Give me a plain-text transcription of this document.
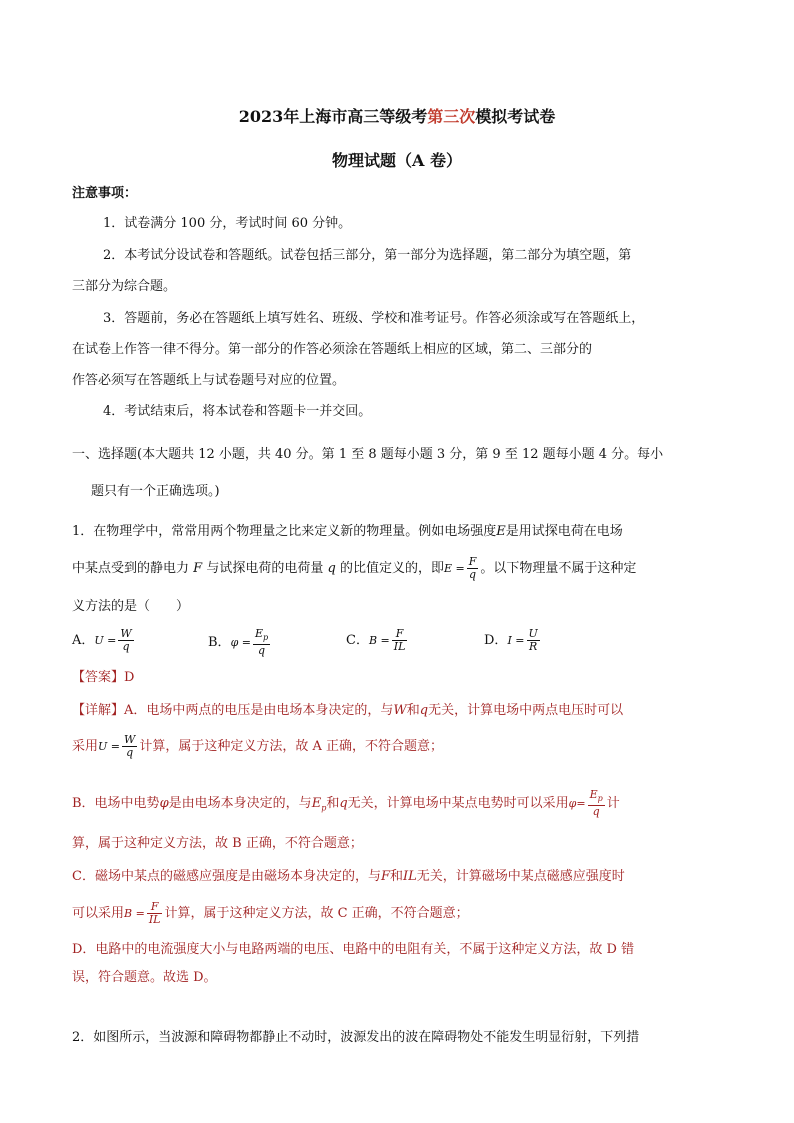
2023年上海市高三等级考第三次模拟考试卷
物理试题（A 卷）
注意事项：
1．试卷满分 100 分，考试时间 60 分钟。
2．本考试分设试卷和答题纸。试卷包括三部分，第一部分为选择题，第二部分为填空题，第
三部分为综合题。
3．答题前，务必在答题纸上填写姓名、班级、学校和准考证号。作答必须涂或写在答题纸上，
在试卷上作答一律不得分。第一部分的作答必须涂在答题纸上相应的区域，第二、三部分的
作答必须写在答题纸上与试卷题号对应的位置。
4．考试结束后，将本试卷和答题卡一并交回。
一、选择题(本大题共 12 小题，共 40 分。第 1 至 8 题每小题 3 分，第 9 至 12 题每小题 4 分。每小
题只有一个正确选项。)
1．在物理学中，常常用两个物理量之比来定义新的物理量。例如电场强度E是用试探电荷在电场
中某点受到的静电力 F 与试探电荷的电荷量 q 的比值定义的，即$E = \frac{F}{q}$ 。以下物理量不属于这种定
义方法的是（　　）
A．$U = \frac{W}{q}$	B．$\varphi = \frac{E_p}{q}$	C．$B = \frac{F}{IL}$	D．$I = \frac{U}{R}$
【答案】D
【详解】A．电场中两点的电压是由电场本身决定的，与W和q无关，计算电场中两点电压时可以
采用$U = \frac{W}{q}$ 计算，属于这种定义方法，故 A 正确，不符合题意；
B．电场中电势φ是由电场本身决定的，与$E_p$和q无关，计算电场中某点电势时可以采用$\varphi= \frac{E_p}{q}$ 计
算，属于这种定义方法，故 B 正确，不符合题意；
C．磁场中某点的磁感应强度是由磁场本身决定的，与F和IL无关，计算磁场中某点磁感应强度时
可以采用$B = \frac{F}{IL}$ 计算，属于这种定义方法，故 C 正确，不符合题意；
D．电路中的电流强度大小与电路两端的电压、电路中的电阻有关，不属于这种定义方法，故 D 错
误，符合题意。故选 D。
2．如图所示，当波源和障碍物都静止不动时，波源发出的波在障碍物处不能发生明显衍射，下列措
